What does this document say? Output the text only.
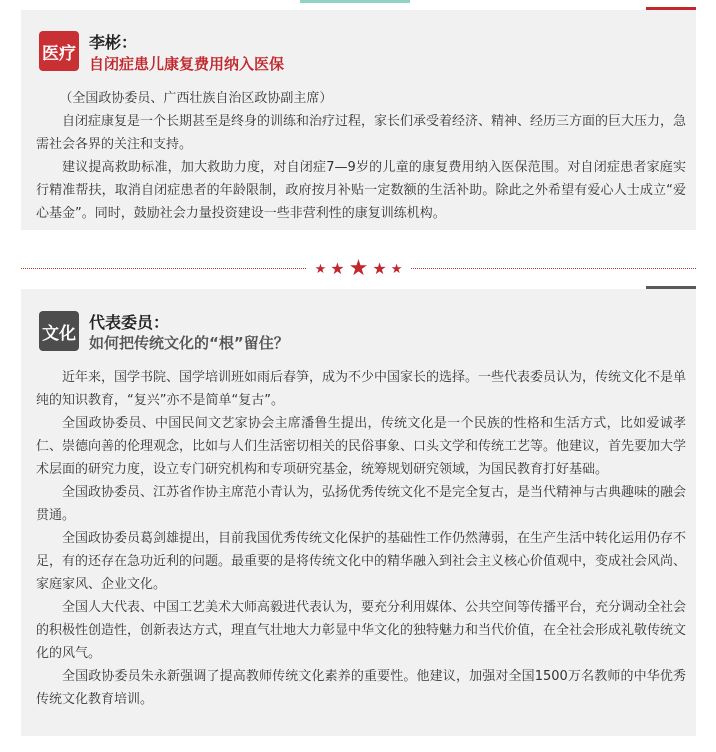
医疗
李彬：
自闭症患儿康复费用纳入医保

（全国政协委员、广西壮族自治区政协副主席）

自闭症康复是一个长期甚至是终身的训练和治疗过程，家长们承受着经济、精神、经历三方面的巨大压力，急需社会各界的关注和支持。

建议提高救助标准，加大救助力度，对自闭症7—9岁的儿童的康复费用纳入医保范围。对自闭症患者家庭实行精准帮扶，取消自闭症患者的年龄限制，政府按月补贴一定数额的生活补助。除此之外希望有爱心人士成立“爱心基金”。同时，鼓励社会力量投资建设一些非营利性的康复训练机构。

★ ★ ★ ★ ★
文化
代表委员：
如何把传统文化的“根”留住？

近年来，国学书院、国学培训班如雨后春笋，成为不少中国家长的选择。一些代表委员认为，传统文化不是单纯的知识教育，“复兴”亦不是简单“复古”。

全国政协委员、中国民间文艺家协会主席潘鲁生提出，传统文化是一个民族的性格和生活方式，比如爱诚孝仁、崇德向善的伦理观念，比如与人们生活密切相关的民俗事象、口头文学和传统工艺等。他建议，首先要加大学术层面的研究力度，设立专门研究机构和专项研究基金，统筹规划研究领域，为国民教育打好基础。

全国政协委员、江苏省作协主席范小青认为，弘扬优秀传统文化不是完全复古，是当代精神与古典趣味的融会贯通。

全国政协委员葛剑雄提出，目前我国优秀传统文化保护的基础性工作仍然薄弱，在生产生活中转化运用仍存不足，有的还存在急功近利的问题。最重要的是将传统文化中的精华融入到社会主义核心价值观中，变成社会风尚、家庭家风、企业文化。

全国人大代表、中国工艺美术大师高毅进代表认为，要充分利用媒体、公共空间等传播平台，充分调动全社会的积极性创造性，创新表达方式，理直气壮地大力彰显中华文化的独特魅力和当代价值，在全社会形成礼敬传统文化的风气。

全国政协委员朱永新强调了提高教师传统文化素养的重要性。他建议，加强对全国1500万名教师的中华优秀传统文化教育培训。
